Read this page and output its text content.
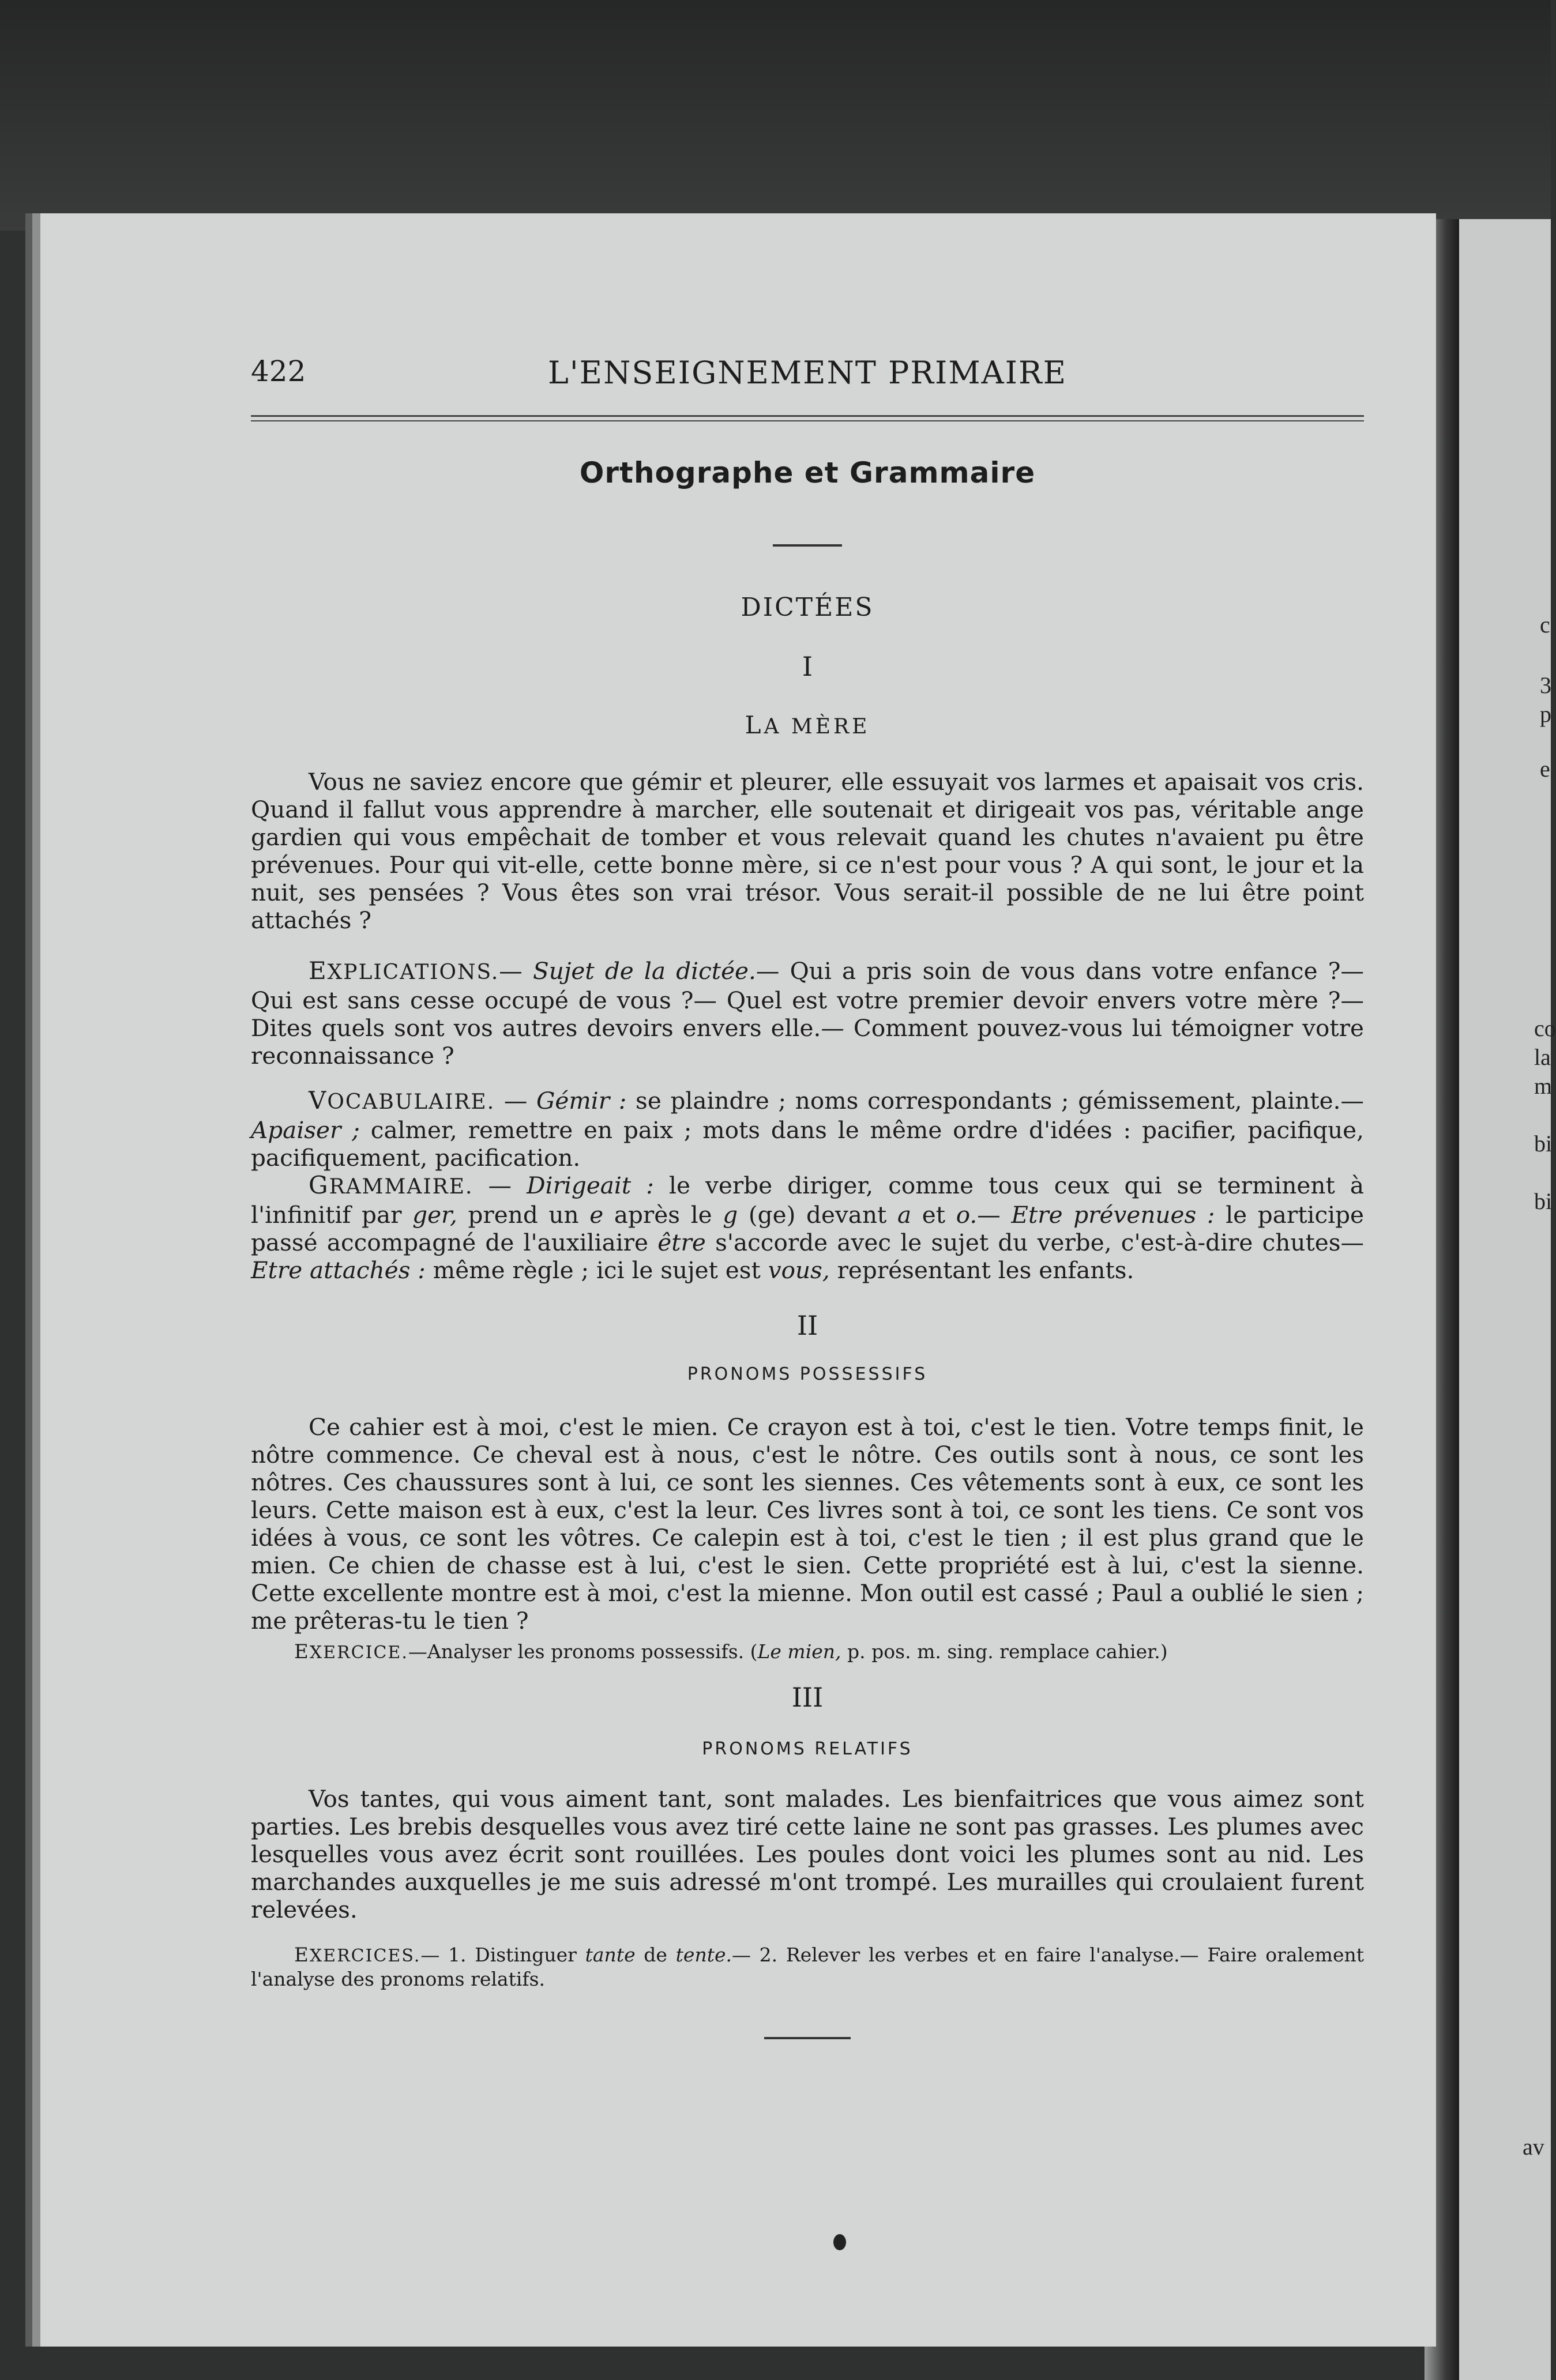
c
3
p
e
co
la
m
bi
bi
av
422	L'ENSEIGNEMENT PRIMAIRE
Orthographe et Grammaire
DICTÉES
I
LA MÈRE

Vous ne saviez encore que gémir et pleurer, elle essuyait vos larmes et apaisait vos cris. Quand il fallut vous apprendre à marcher, elle soutenait et dirigeait vos pas, véritable ange gardien qui vous empêchait de tomber et vous relevait quand les chutes n'avaient pu être prévenues. Pour qui vit-elle, cette bonne mère, si ce n'est pour vous ? A qui sont, le jour et la nuit, ses pensées ? Vous êtes son vrai trésor. Vous serait-il possible de ne lui être point attachés ?

EXPLICATIONS.— Sujet de la dictée.— Qui a pris soin de vous dans votre enfance ?— Qui est sans cesse occupé de vous ?— Quel est votre premier devoir envers votre mère ?— Dites quels sont vos autres devoirs envers elle.— Comment pouvez-vous lui témoigner votre reconnaissance ?

VOCABULAIRE. — Gémir : se plaindre ; noms correspondants ; gémissement, plainte.— Apaiser ; calmer, remettre en paix ; mots dans le même ordre d'idées : pacifier, pacifique, pacifiquement, pacification.

GRAMMAIRE. — Dirigeait : le verbe diriger, comme tous ceux qui se terminent à l'infinitif par ger, prend un e après le g (ge) devant a et o.— Etre prévenues : le participe passé accompagné de l'auxiliaire être s'accorde avec le sujet du verbe, c'est-à-dire chutes— Etre attachés : même règle ; ici le sujet est vous, représentant les enfants.

II
PRONOMS POSSESSIFS

Ce cahier est à moi, c'est le mien. Ce crayon est à toi, c'est le tien. Votre temps finit, le nôtre commence. Ce cheval est à nous, c'est le nôtre. Ces outils sont à nous, ce sont les nôtres. Ces chaussures sont à lui, ce sont les siennes. Ces vêtements sont à eux, ce sont les leurs. Cette maison est à eux, c'est la leur. Ces livres sont à toi, ce sont les tiens. Ce sont vos idées à vous, ce sont les vôtres. Ce calepin est à toi, c'est le tien ; il est plus grand que le mien. Ce chien de chasse est à lui, c'est le sien. Cette propriété est à lui, c'est la sienne. Cette excellente montre est à moi, c'est la mienne. Mon outil est cassé ; Paul a oublié le sien ; me prêteras-tu le tien ?

EXERCICE.—Analyser les pronoms possessifs. (Le mien, p. pos. m. sing. remplace cahier.)

III
PRONOMS RELATIFS

Vos tantes, qui vous aiment tant, sont malades. Les bienfaitrices que vous aimez sont parties. Les brebis desquelles vous avez tiré cette laine ne sont pas grasses. Les plumes avec lesquelles vous avez écrit sont rouillées. Les poules dont voici les plumes sont au nid. Les marchandes auxquelles je me suis adressé m'ont trompé. Les murailles qui croulaient furent relevées.

EXERCICES.— 1. Distinguer tante de tente.— 2. Relever les verbes et en faire l'analyse.— Faire oralement l'analyse des pronoms relatifs.
